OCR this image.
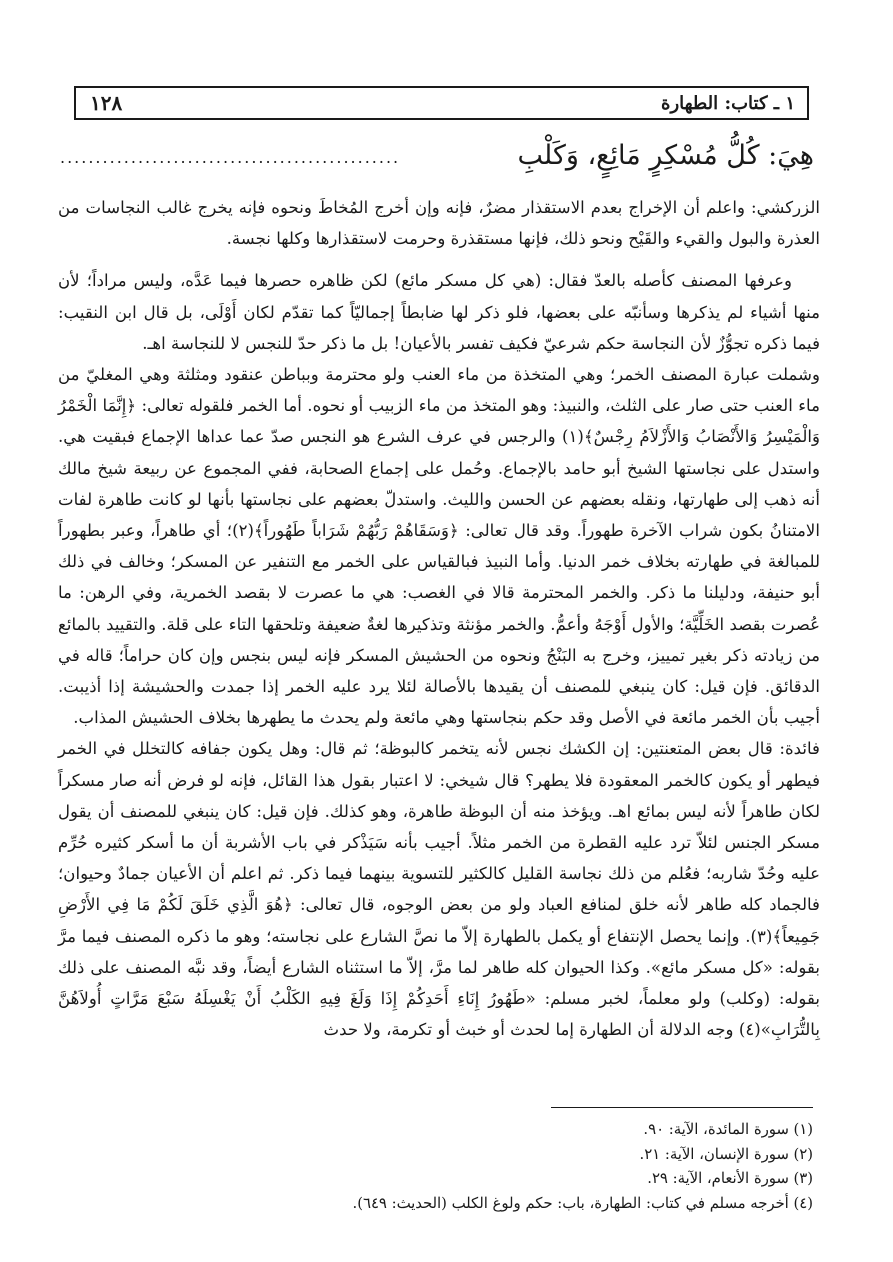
١ ـ كتاب: الطهارة
١٢٨
هِيَ: كُلُّ مُسْكِرٍ مَائِعٍ، وَكَلْبِ
................................................

الزركشي: واعلم أن الإخراج بعدم الاستقذار مضرٌ، فإنه وإن أخرج المُخاطَ ونحوه فإنه يخرج غالب النجاسات من العذرة والبول والقيء والقَيْح ونحو ذلك، فإنها مستقذرة وحرمت لاستقذارها وكلها نجسة.

وعرفها المصنف كأصله بالعدّ فقال: (هي كل مسكر مائع) لكن ظاهره حصرها فيما عَدَّه، وليس مراداً؛ لأن منها أشياء لم يذكرها وسأنبّه على بعضها، فلو ذكر لها ضابطاً إجماليّاً كما تقدّم لكان أَوْلَى، بل قال ابن النقيب: فيما ذكره تجوُّزٌ لأن النجاسة حكم شرعيّ فكيف تفسر بالأعيان! بل ما ذكر حدّ للنجس لا للنجاسة اهـ.

وشملت عبارة المصنف الخمر؛ وهي المتخذة من ماء العنب ولو محترمة وبباطن عنقود ومثلثة وهي المغليّ من ماء العنب حتى صار على الثلث، والنبيذ: وهو المتخذ من ماء الزبيب أو نحوه. أما الخمر فلقوله تعالى: ﴿إِنَّمَا الْخَمْرُ وَالْمَيْسِرُ وَالأَنْصَابُ وَالأَزْلاَمُ رِجْسٌ﴾(١) والرجس في عرف الشرع هو النجس صدّ عما عداها الإجماع فبقيت هي. واستدل على نجاستها الشيخ أبو حامد بالإجماع. وحُمل على إجماع الصحابة، ففي المجموع عن ربيعة شيخ مالك أنه ذهب إلى طهارتها، ونقله بعضهم عن الحسن والليث. واستدلّ بعضهم على نجاستها بأنها لو كانت طاهرة لفات الامتنانُ بكون شراب الآخرة طهوراً. وقد قال تعالى: ﴿وَسَقَاهُمْ رَبُّهُمْ شَرَاباً طَهُوراً﴾(٢)؛ أي طاهراً، وعبر بطهوراً للمبالغة في طهارته بخلاف خمر الدنيا. وأما النبيذ فبالقياس على الخمر مع التنفير عن المسكر؛ وخالف في ذلك أبو حنيفة، ودليلنا ما ذكر. والخمر المحترمة قالا في الغصب: هي ما عصرت لا بقصد الخمرية، وفي الرهن: ما عُصرت بقصد الخَلِّيَّة؛ والأول أَوْجَهُ وأعمُّ. والخمر مؤنثة وتذكيرها لغةٌ ضعيفة وتلحقها التاء على قلة. والتقييد بالمائع من زيادته ذكر بغير تمييز، وخرج به البَنْجُ ونحوه من الحشيش المسكر فإنه ليس بنجس وإن كان حراماً؛ قاله في الدقائق. فإن قيل: كان ينبغي للمصنف أن يقيدها بالأصالة لئلا يرد عليه الخمر إذا جمدت والحشيشة إذا أذيبت. أجيب بأن الخمر مائعة في الأصل وقد حكم بنجاستها وهي مائعة ولم يحدث ما يطهرها بخلاف الحشيش المذاب.

فائدة: قال بعض المتعنتين: إن الكشك نجس لأنه يتخمر كالبوظة؛ ثم قال: وهل يكون جفافه كالتخلل في الخمر فيطهر أو يكون كالخمر المعقودة فلا يطهر؟ قال شيخي: لا اعتبار بقول هذا القائل، فإنه لو فرض أنه صار مسكراً لكان طاهراً لأنه ليس بمائع اهـ. ويؤخذ منه أن البوظة طاهرة، وهو كذلك. فإن قيل: كان ينبغي للمصنف أن يقول مسكر الجنس لئلاّ ترد عليه القطرة من الخمر مثلاً. أجيب بأنه سَيَذْكر في باب الأشربة أن ما أسكر كثيره حُرِّم عليه وحُدّ شاربه؛ فعُلم من ذلك نجاسة القليل كالكثير للتسوية بينهما فيما ذكر. ثم اعلم أن الأعيان جمادٌ وحيوان؛ فالجماد كله طاهر لأنه خلق لمنافع العباد ولو من بعض الوجوه، قال تعالى: ﴿هُوَ الَّذِي خَلَقَ لَكُمْ مَا فِي الأَرْضِ جَمِيعاً﴾(٣). وإنما يحصل الإنتفاع أو يكمل بالطهارة إلاّ ما نصَّ الشارع على نجاسته؛ وهو ما ذكره المصنف فيما مرَّ بقوله: «كل مسكر مائع». وكذا الحيوان كله طاهر لما مرَّ، إلاّ ما استثناه الشارع أيضاً، وقد نبَّه المصنف على ذلك بقوله: (وكلب) ولو معلماً، لخبر مسلم: «طَهُورُ إِنَاءِ أَحَدِكُمْ إِذَا وَلَغَ فِيهِ الكَلْبُ أَنْ يَغْسِلَهُ سَبْعَ مَرَّاتٍ أُولاَهُنَّ بِالتُّرَابِ»(٤) وجه الدلالة أن الطهارة إما لحدث أو خبث أو تكرمة، ولا حدث

(١) سورة المائدة، الآية: ٩٠.
(٢) سورة الإنسان، الآية: ٢١.
(٣) سورة الأنعام، الآية: ٢٩.
(٤) أخرجه مسلم في كتاب: الطهارة، باب: حكم ولوغ الكلب (الحديث: ٦٤٩).
